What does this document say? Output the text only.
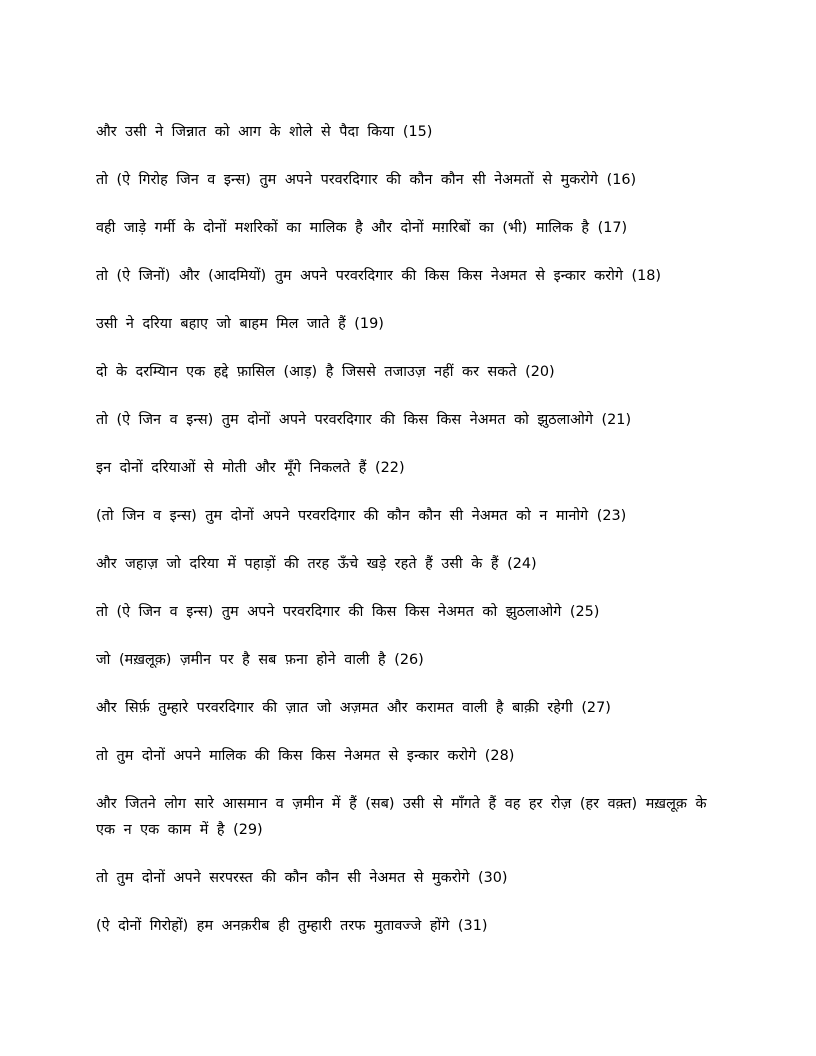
और उसी ने जिन्नात को आग के शोले से पैदा किया (15)

तो (ऐ गिरोह जिन व इन्स) तुम अपने परवरदिगार की कौन कौन सी नेअमतों से मुकरोगे (16)

वही जाड़े गर्मी के दोनों मशरिकों का मालिक है और दोनों मग़रिबों का (भी) मालिक है (17)

तो (ऐ जिनों) और (आदमियों) तुम अपने परवरदिगार की किस किस नेअमत से इन्कार करोगे (18)

उसी ने दरिया बहाए जो बाहम मिल जाते हैं (19)

दो के दरम्यिान एक हद्दे फ़ासिल (आड़) है जिससे तजाउज़ नहीं कर सकते (20)

तो (ऐ जिन व इन्स) तुम दोनों अपने परवरदिगार की किस किस नेअमत को झुठलाओगे (21)

इन दोनों दरियाओं से मोती और मूँगे निकलते हैं (22)

(तो जिन व इन्स) तुम दोनों अपने परवरदिगार की कौन कौन सी नेअमत को न मानोगे (23)

और जहाज़ जो दरिया में पहाड़ों की तरह ऊँचे खड़े रहते हैं उसी के हैं (24)

तो (ऐ जिन व इन्स) तुम अपने परवरदिगार की किस किस नेअमत को झुठलाओगे (25)

जो (मख़लूक़) ज़मीन पर है सब फ़ना होने वाली है (26)

और सिर्फ़ तुम्हारे परवरदिगार की ज़ात जो अज़मत और करामत वाली है बाक़ी रहेगी (27)

तो तुम दोनों अपने मालिक की किस किस नेअमत से इन्कार करोगे (28)

और जितने लोग सारे आसमान व ज़मीन में हैं (सब) उसी से माँगते हैं वह हर रोज़ (हर वक़्त) मख़लूक़ के एक न एक काम में है (29)

तो तुम दोनों अपने सरपरस्त की कौन कौन सी नेअमत से मुकरोगे (30)

(ऐ दोनों गिरोहों) हम अनक़रीब ही तुम्हारी तरफ मुतावज्जे होंगे (31)
